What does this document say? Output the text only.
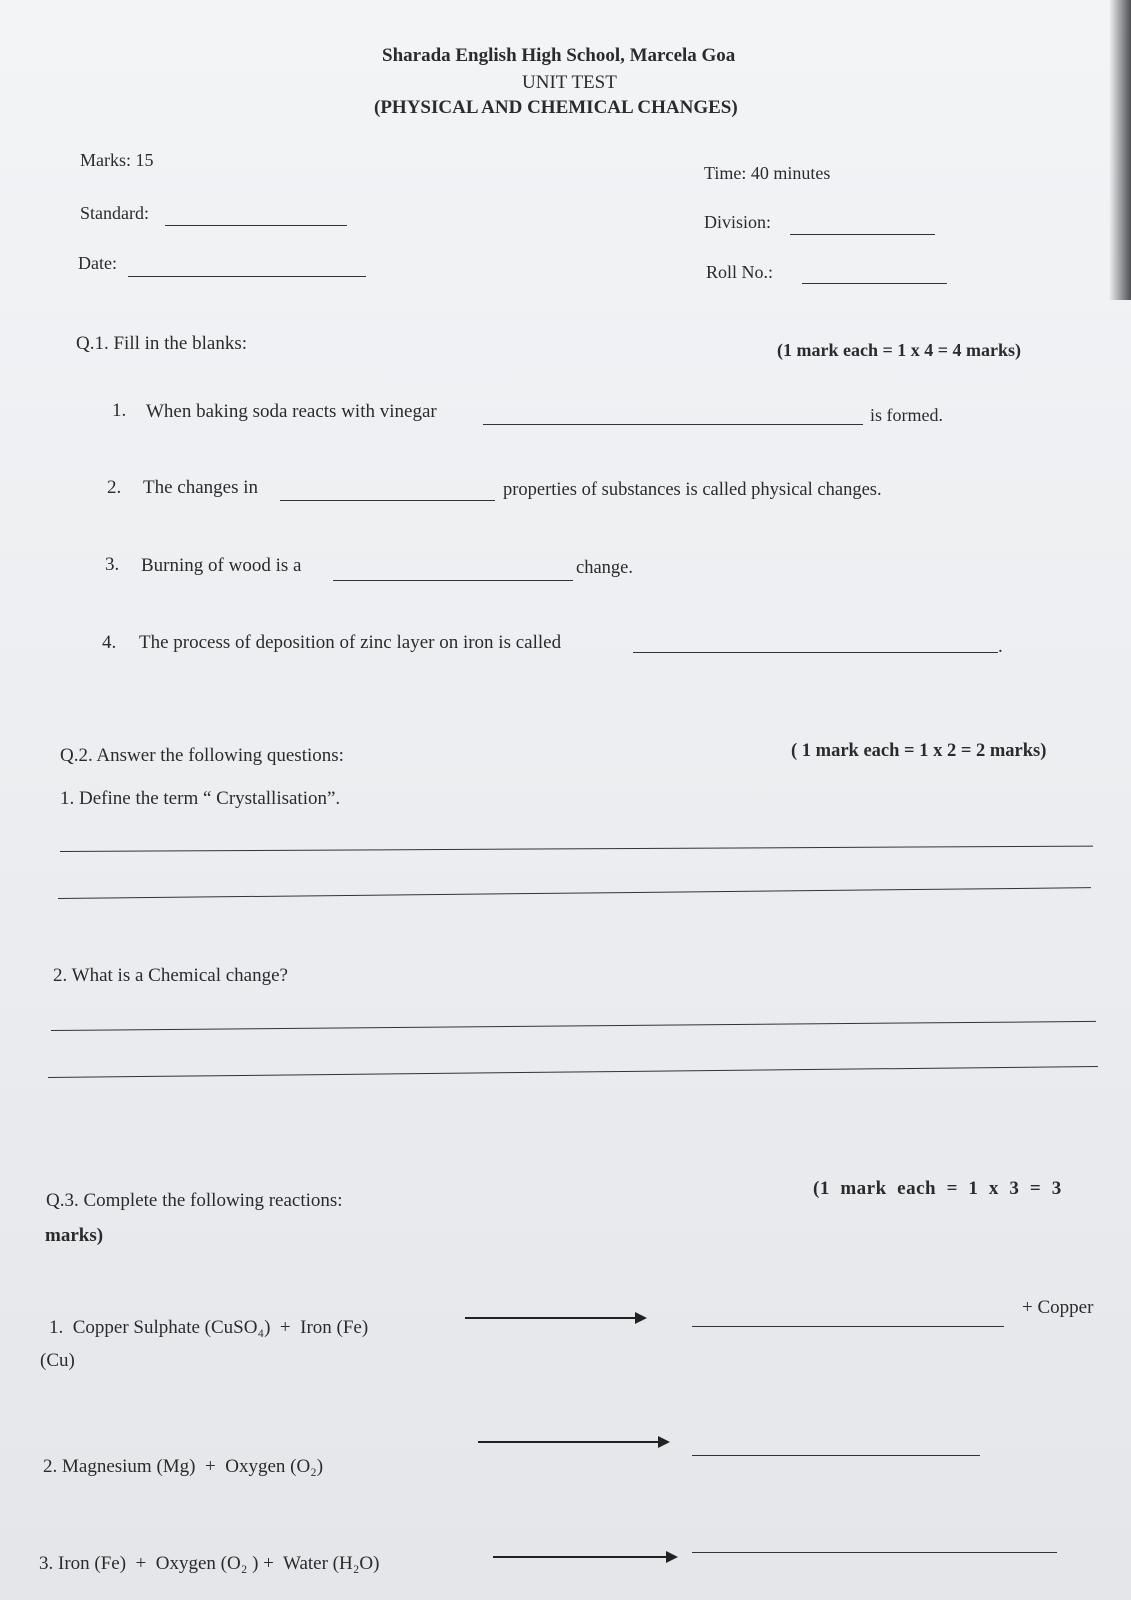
Sharada English High School, Marcela Goa
UNIT TEST
(PHYSICAL AND CHEMICAL CHANGES)
Marks: 15
Time: 40 minutes
Standard:	Division:
Date:	Roll No.:
Q.1. Fill in the blanks:	(1 mark each = 1 x 4 = 4 marks)
1. When baking soda reacts with vinegar	is formed.
2. The changes in	properties of substances is called physical changes.
3. Burning of wood is a	change.
4. The process of deposition of zinc layer on iron is called	.
Q.2. Answer the following questions:	( 1 mark each = 1 x 2 = 2 marks)
1. Define the term “ Crystallisation”.
2. What is a Chemical change?
Q.3. Complete the following reactions:
(1  mark  each  =  1  x  3  =  3
marks)
1.  Copper Sulphate (CuSO₄)  +  Iron (Fe)
+ Copper
(Cu)
2. Magnesium (Mg)  +  Oxygen (O₂)
3. Iron (Fe)  +  Oxygen (O₂ ) +  Water (H₂O)
